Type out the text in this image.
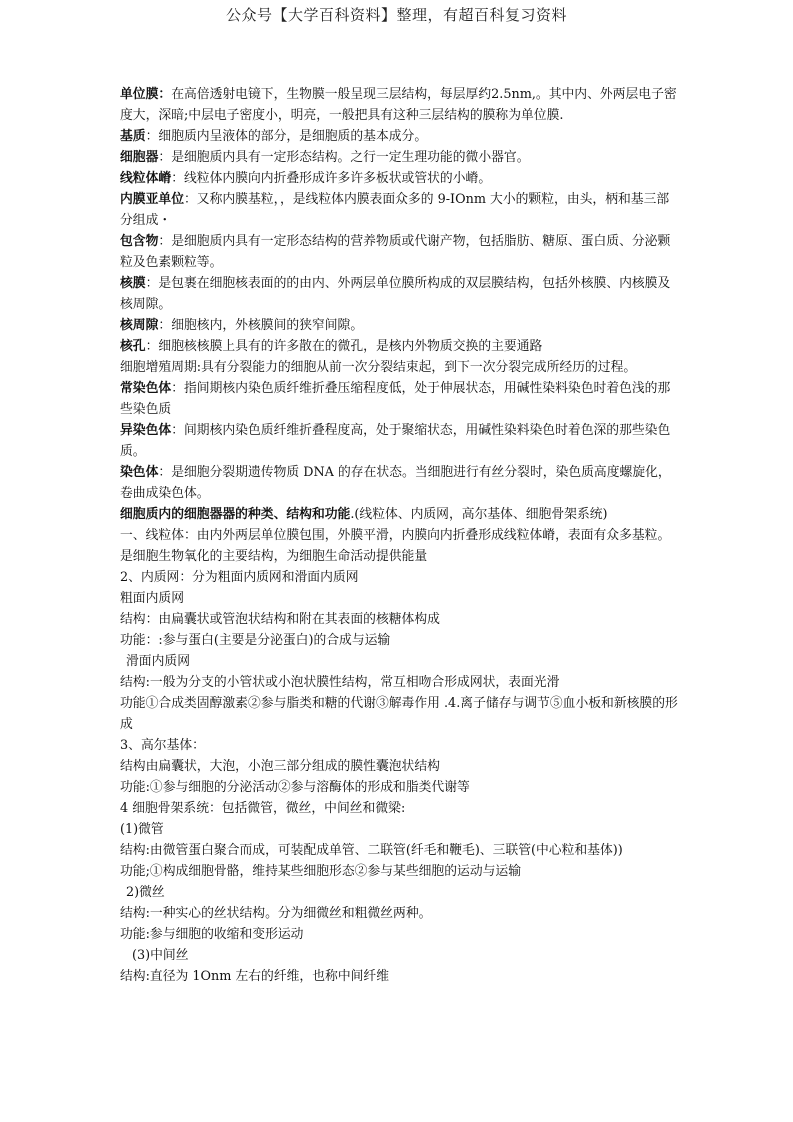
公众号【大学百科资料】整理，有超百科复习资料

单位膜：在高倍透射电镜下，生物膜一般呈现三层结构，每层厚约2.5nm,。其中内、外两层电子密度大，深暗;中层电子密度小，明亮，一般把具有这种三层结构的膜称为单位膜.

基质：细胞质内呈液体的部分，是细胞质的基本成分。

细胞器：是细胞质内具有一定形态结构。之行一定生理功能的微小器官。

线粒体嵴：线粒体内膜向内折叠形成许多许多板状或管状的小嵴。

内膜亚单位：又称内膜基粒，，是线粒体内膜表面众多的 9-IOnm 大小的颗粒，由头，柄和基三部分组成・

包含物：是细胞质内具有一定形态结构的营养物质或代谢产物，包括脂肪、糖原、蛋白质、分泌颗粒及色素颗粒等。

核膜：是包裹在细胞核表面的的由内、外两层单位膜所构成的双层膜结构，包括外核膜、内核膜及核周隙。

核周隙：细胞核内，外核膜间的狭窄间隙。

核孔：细胞核核膜上具有的许多散在的微孔，是核内外物质交换的主要通路

细胞增殖周期:具有分裂能力的细胞从前一次分裂结束起，到下一次分裂完成所经历的过程。

常染色体：指间期核内染色质纤维折叠压缩程度低，处于伸展状态，用碱性染料染色时着色浅的那些染色质

异染色体：间期核内染色质纤维折叠程度高，处于聚缩状态，用碱性染料染色时着色深的那些染色质。

染色体：是细胞分裂期遗传物质 DNA 的存在状态。当细胞进行有丝分裂时，染色质高度螺旋化，卷曲成染色体。

细胞质内的细胞器器的种类、结构和功能.(线粒体、内质网，高尔基体、细胞骨架系统)

一、线粒体：由内外两层单位膜包围，外膜平滑，内膜向内折叠形成线粒体嵴，表面有众多基粒。

是细胞生物氧化的主要结构，为细胞生命活动提供能量

2、内质网：分为粗面内质网和滑面内质网

粗面内质网

结构：由扁囊状或管泡状结构和附在其表面的核糖体构成

功能：:参与蛋白(主要是分泌蛋白)的合成与运输

滑面内质网

结构:一般为分支的小管状或小泡状膜性结构，常互相吻合形成网状，表面光滑

功能①合成类固醇激素②参与脂类和糖的代谢③解毒作用 .4.离子储存与调节⑤血小板和新核膜的形成

3、高尔基体：

结构由扁囊状，大泡，小泡三部分组成的膜性囊泡状结构

功能:①参与细胞的分泌活动②参与溶酶体的形成和脂类代谢等

4 细胞骨架系统：包括微管，微丝，中间丝和微梁:

(1)微管

结构:由微管蛋白聚合而成，可装配成单管、二联管(纤毛和鞭毛)、三联管(中心粒和基体))

功能;①构成细胞骨骼，维持某些细胞形态②参与某些细胞的运动与运输

2)微丝

结构:一种实心的丝状结构。分为细微丝和粗微丝两种。

功能:参与细胞的收缩和变形运动

(3)中间丝

结构:直径为 1Onm 左右的纤维，也称中间纤维
